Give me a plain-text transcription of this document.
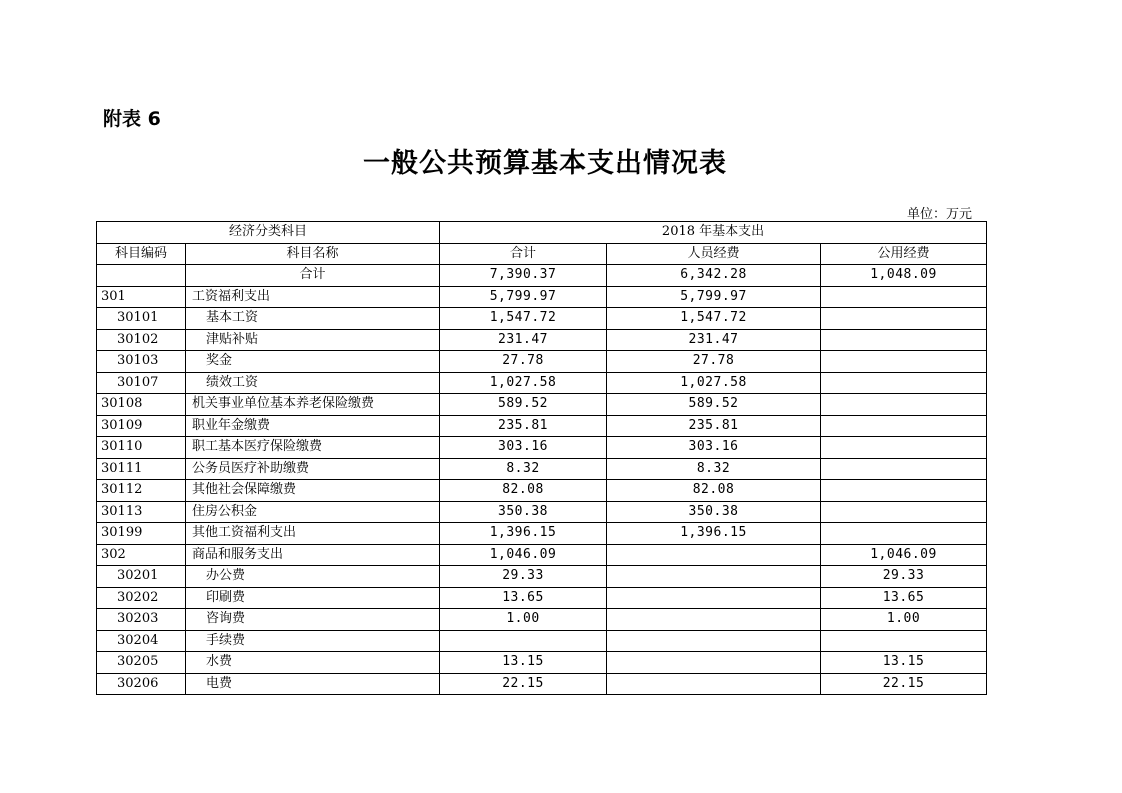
附表 6
一般公共预算基本支出情况表
单位：万元
经济分类科目		2018 年基本支出		
科目编码	科目名称	合计	人员经费	公用经费
	合计	7,390.37	6,342.28	1,048.09
301	工资福利支出	5,799.97	5,799.97	
30101	基本工资	1,547.72	1,547.72	
30102	津贴补贴	231.47	231.47	
30103	奖金	27.78	27.78	
30107	绩效工资	1,027.58	1,027.58	
30108	机关事业单位基本养老保险缴费	589.52	589.52	
30109	职业年金缴费	235.81	235.81	
30110	职工基本医疗保险缴费	303.16	303.16	
30111	公务员医疗补助缴费	8.32	8.32	
30112	其他社会保障缴费	82.08	82.08	
30113	住房公积金	350.38	350.38	
30199	其他工资福利支出	1,396.15	1,396.15	
302	商品和服务支出	1,046.09		1,046.09
30201	办公费	29.33		29.33
30202	印刷费	13.65		13.65
30203	咨询费	1.00		1.00
30204	手续费			
30205	水费	13.15		13.15
30206	电费	22.15		22.15
